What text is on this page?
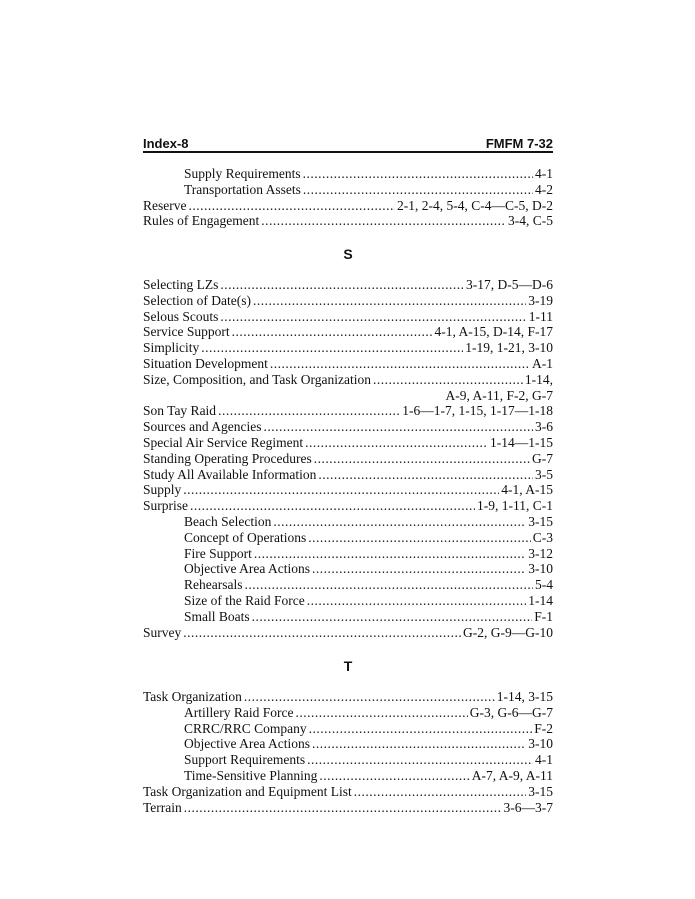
Index-8	FMFM 7-32
Supply Requirements .....	4-1
Transportation Assets .....	4-2
Reserve .....	2-1, 2-4, 5-4, C-4—C-5, D-2
Rules of Engagement .....	3-4, C-5
S
Selecting LZs .....	3-17, D-5—D-6
Selection of Date(s) .....	3-19
Selous Scouts .....	1-11
Service Support .....	4-1, A-15, D-14, F-17
Simplicity .....	1-19, 1-21, 3-10
Situation Development .....	A-1
Size, Composition, and Task Organization .....	1-14,
A-9, A-11, F-2, G-7
Son Tay Raid .....	1-6—1-7, 1-15, 1-17—1-18
Sources and Agencies .....	3-6
Special Air Service Regiment .....	1-14—1-15
Standing Operating Procedures .....	G-7
Study All Available Information .....	3-5
Supply .....	4-1, A-15
Surprise .....	1-9, 1-11, C-1
Beach Selection .....	3-15
Concept of Operations .....	C-3
Fire Support .....	3-12
Objective Area Actions .....	3-10
Rehearsals .....	5-4
Size of the Raid Force .....	1-14
Small Boats .....	F-1
Survey .....	G-2, G-9—G-10
T
Task Organization .....	1-14, 3-15
Artillery Raid Force .....	G-3, G-6—G-7
CRRC/RRC Company .....	F-2
Objective Area Actions .....	3-10
Support Requirements .....	4-1
Time-Sensitive Planning .....	A-7, A-9, A-11
Task Organization and Equipment List .....	3-15
Terrain .....	3-6—3-7
